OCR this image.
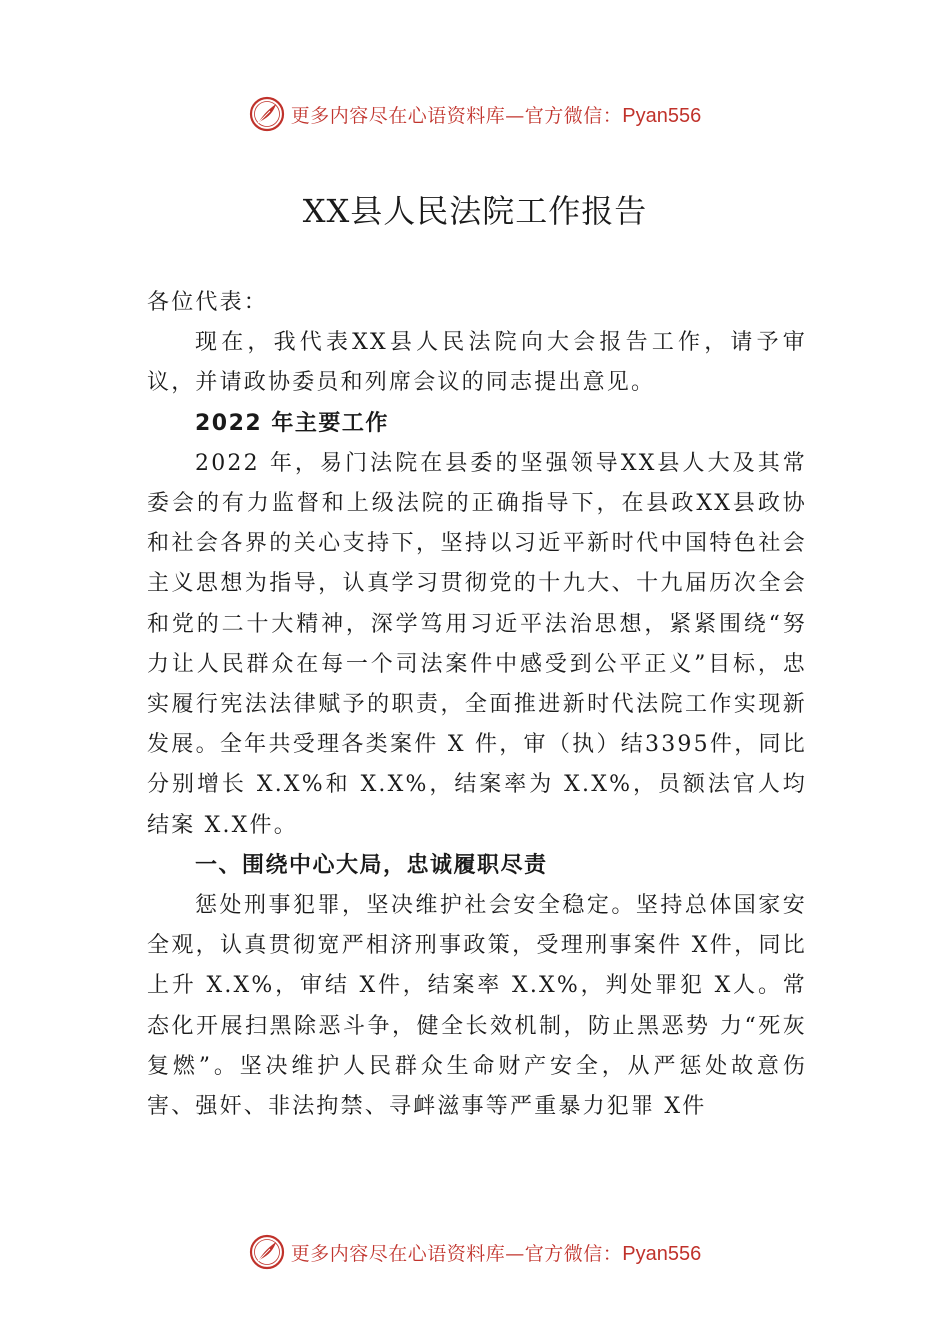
更多内容尽在心语资料库—官方微信：Pyan556
XX县人民法院工作报告

各位代表：

现在，我代表XX县人民法院向大会报告工作，请予审议，并请政协委员和列席会议的同志提出意见。

2022 年主要工作

2022 年，易门法院在县委的坚强领导XX县人大及其常委会的有力监督和上级法院的正确指导下，在县政XX县政协和社会各界的关心支持下，坚持以习近平新时代中国特色社会主义思想为指导，认真学习贯彻党的十九大、十九届历次全会和党的二十大精神，深学笃用习近平法治思想，紧紧围绕“努力让人民群众在每一个司法案件中感受到公平正义”目标，忠实履行宪法法律赋予的职责，全面推进新时代法院工作实现新发展。全年共受理各类案件 X 件，审（执）结3395件，同比分别增长 X.X%和 X.X%，结案率为 X.X%，员额法官人均结案 X.X件。

一、围绕中心大局，忠诚履职尽责

惩处刑事犯罪，坚决维护社会安全稳定。坚持总体国家安全观，认真贯彻宽严相济刑事政策，受理刑事案件 X件，同比上升 X.X%，审结 X件，结案率 X.X%，判处罪犯 X人。常态化开展扫黑除恶斗争，健全长效机制，防止黑恶势 力“死灰复燃”。坚决维护人民群众生命财产安全，从严惩处故意伤害、强奸、非法拘禁、寻衅滋事等严重暴力犯罪 X件

更多内容尽在心语资料库—官方微信：Pyan556
